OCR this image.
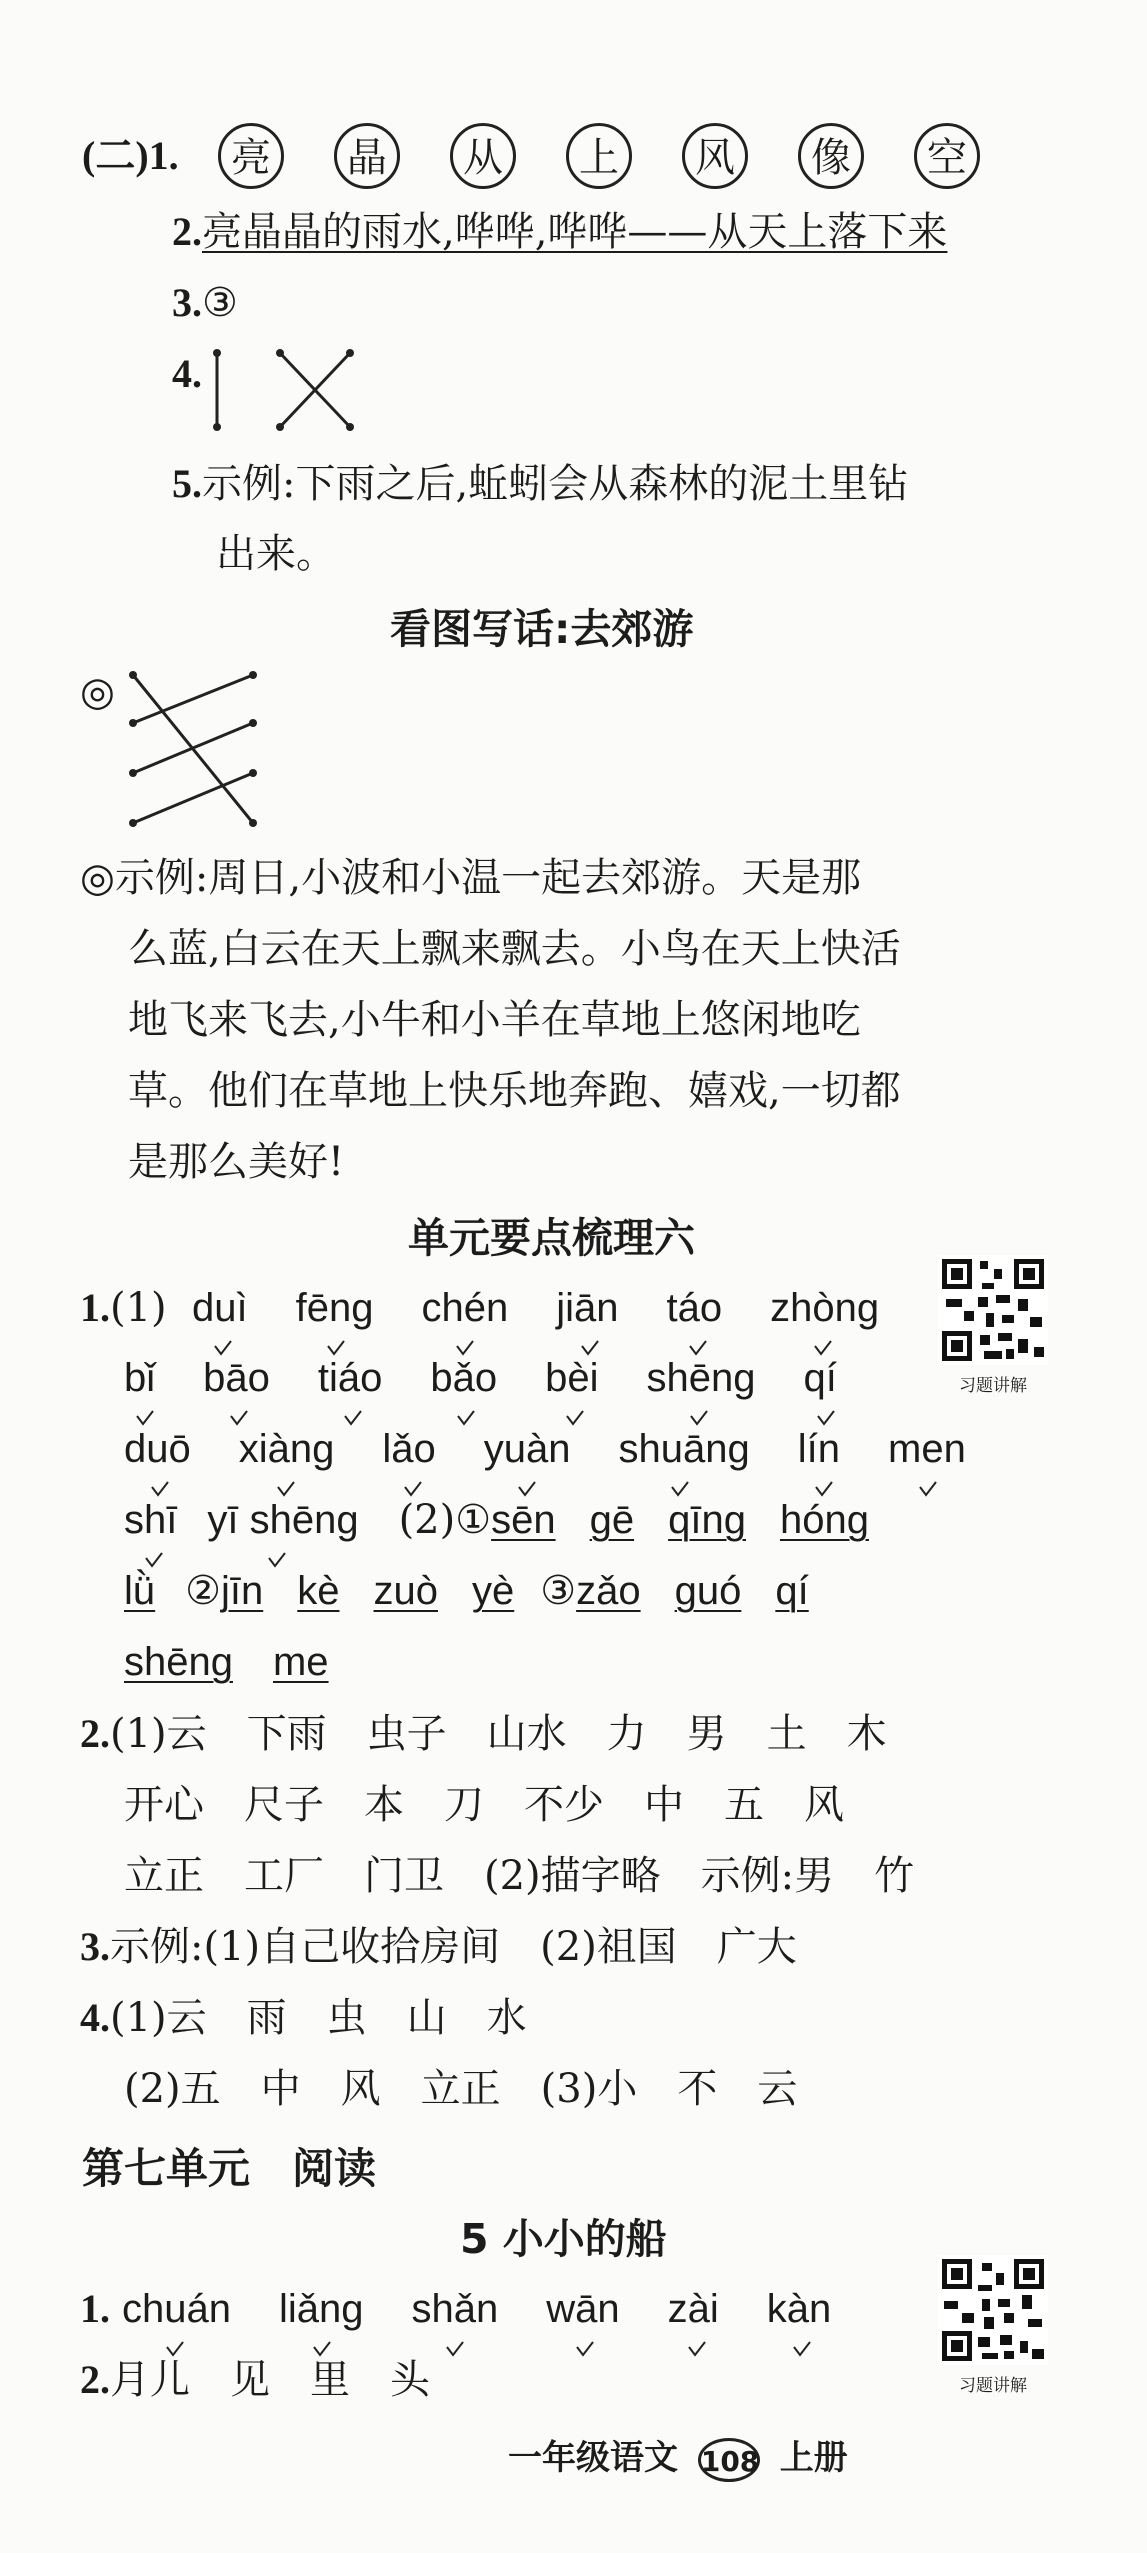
(二)1.	亮 晶 从 上 风 像 空
2.亮晶晶的雨水,哗哗,哗哗——从天上落下来
3.③
4.
5.示例:下雨之后,蚯蚓会从森林的泥土里钻
出来。
看图写话:去郊游
◎
◎示例:周日,小波和小温一起去郊游。天是那
么蓝,白云在天上飘来飘去。小鸟在天上快活
地飞来飞去,小牛和小羊在草地上悠闲地吃
草。他们在草地上快乐地奔跑、嬉戏,一切都
是那么美好!
单元要点梳理六
习题讲解
1.(1) duì fēng chén jiān táo zhòng
bǐ bāo tiáo bǎo bèi shēng qí
duō xiàng lǎo yuàn shuāng lín men
shī yī shēng (2)①sēn gē qīng hóng
lǜ ②jīn kè zuò yè ③zǎo guó qí
shēng me
2.(1)云　下雨　虫子　山水　力　男　土　木
开心　尺子　本　刀　不少　中　五　风
立正　工厂　门卫　(2)描字略　示例:男　竹
3.示例:(1)自己收拾房间　(2)祖国　广大
4.(1)云　雨　虫　山　水
(2)五　中　风　立正　(3)小　不　云
第七单元　阅读
5 小小的船
习题讲解
1. chuán liǎng shǎn wān zài kàn
2.月儿　见　里　头
一年级语文 108 上册
